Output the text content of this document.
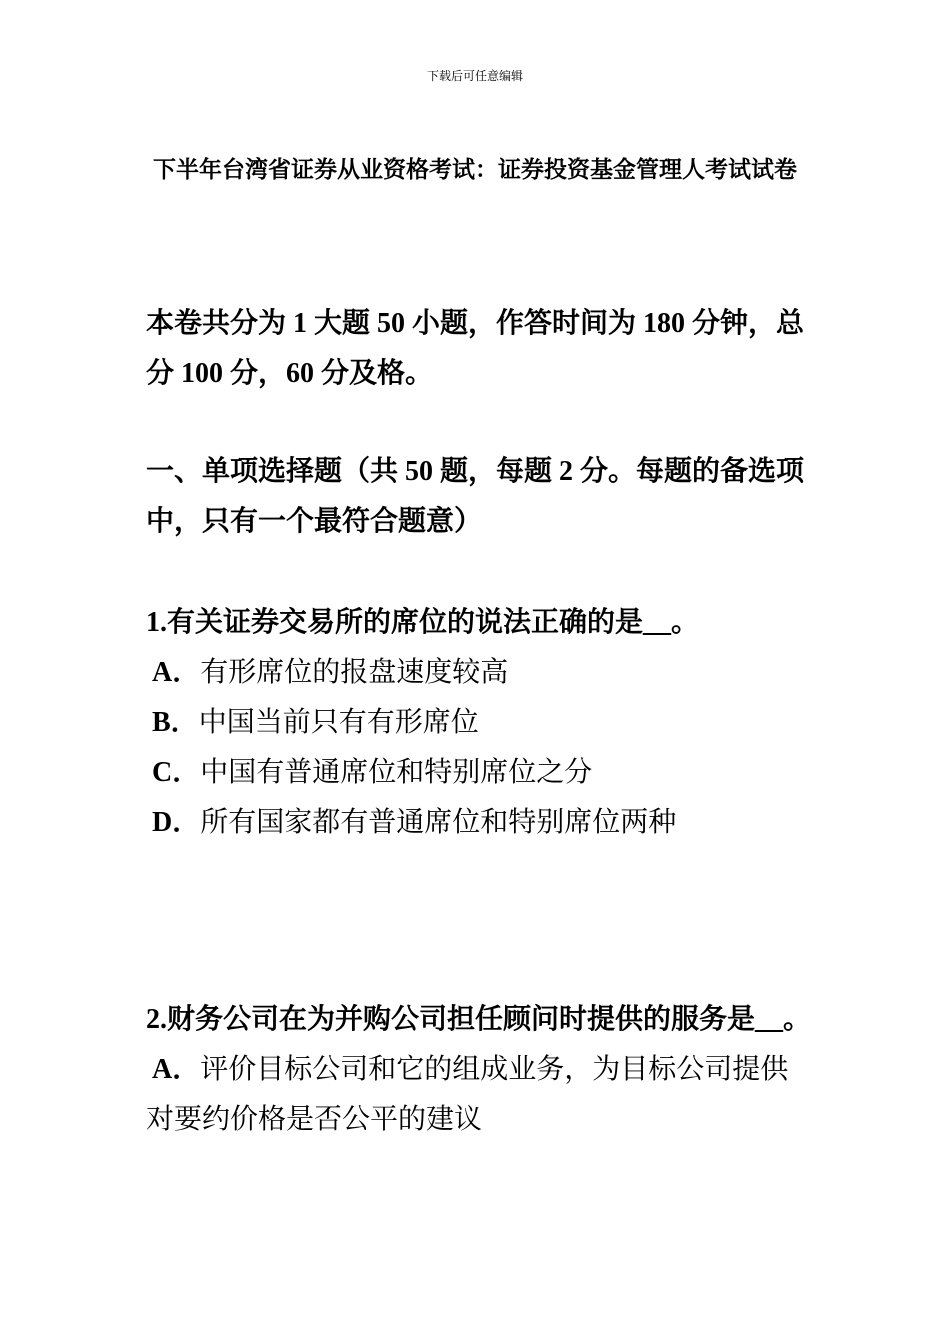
下载后可任意编辑
下半年台湾省证券从业资格考试：证券投资基金管理人考试试卷
本卷共分为 1 大题 50 小题，作答时间为 180 分钟，总分 100 分，60 分及格。
一、单项选择题（共 50 题，每题 2 分。每题的备选项中，只有一个最符合题意）
1.有关证券交易所的席位的说法正确的是__。
A．有形席位的报盘速度较高
B．中国当前只有有形席位
C．中国有普通席位和特别席位之分
D．所有国家都有普通席位和特别席位两种
2.财务公司在为并购公司担任顾问时提供的服务是__。
A．评价目标公司和它的组成业务，为目标公司提供对要约价格是否公平的建议
